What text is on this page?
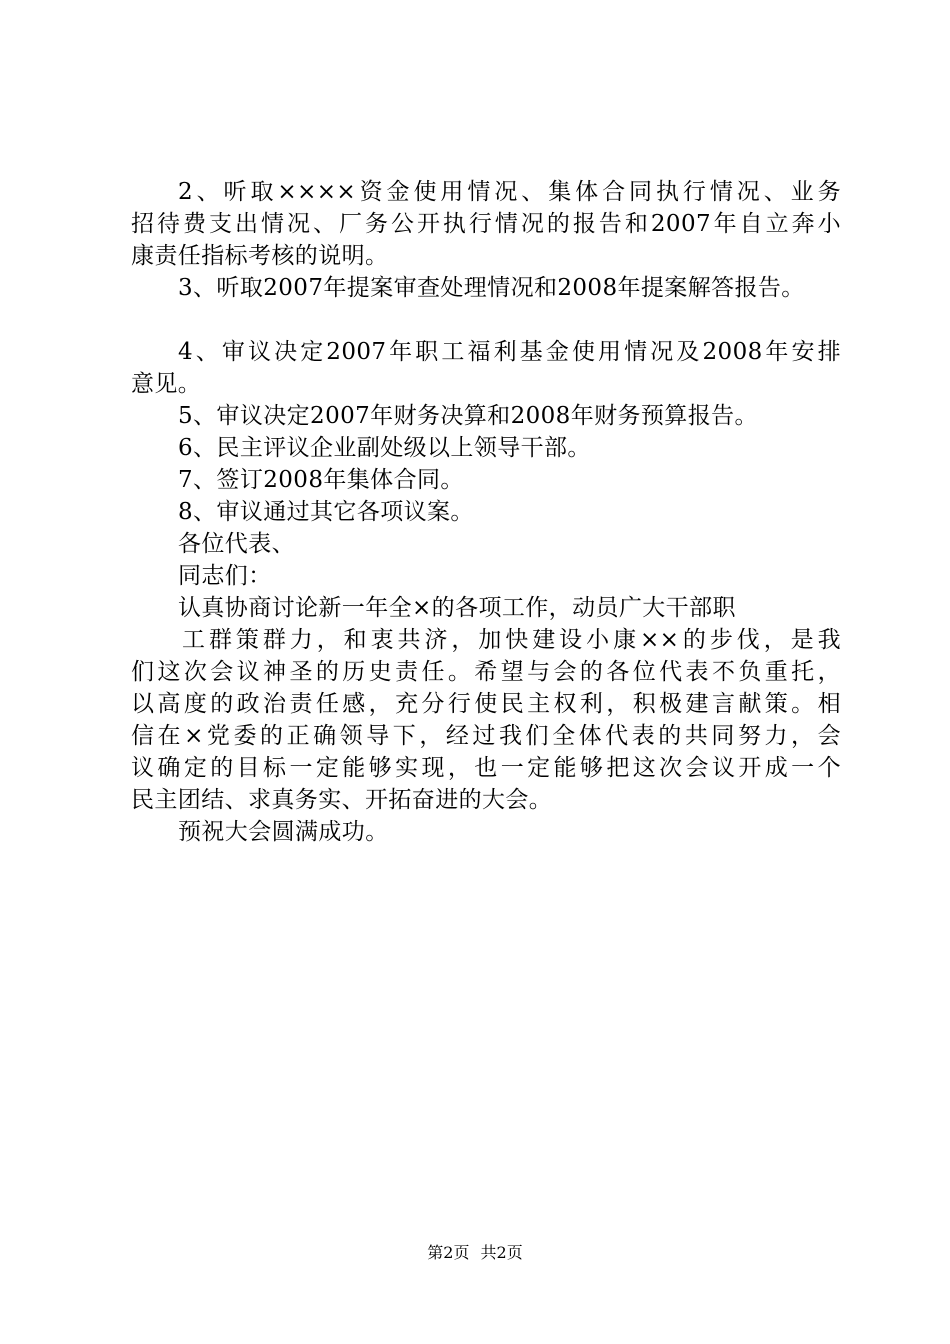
2、听取××××资金使用情况、集体合同执行情况、业务
招待费支出情况、厂务公开执行情况的报告和2007年自立奔小
康责任指标考核的说明。
3、听取2007年提案审查处理情况和2008年提案解答报告。
4、审议决定2007年职工福利基金使用情况及2008年安排
意见。
5、审议决定2007年财务决算和2008年财务预算报告。
6、民主评议企业副处级以上领导干部。
7、签订2008年集体合同。
8、审议通过其它各项议案。
各位代表、
同志们：
认真协商讨论新一年全×的各项工作，动员广大干部职
工群策群力，和衷共济，加快建设小康××的步伐，是我
们这次会议神圣的历史责任。希望与会的各位代表不负重托，
以高度的政治责任感，充分行使民主权利，积极建言献策。相
信在×党委的正确领导下，经过我们全体代表的共同努力，会
议确定的目标一定能够实现，也一定能够把这次会议开成一个
民主团结、求真务实、开拓奋进的大会。
预祝大会圆满成功。
第2页 共2页
